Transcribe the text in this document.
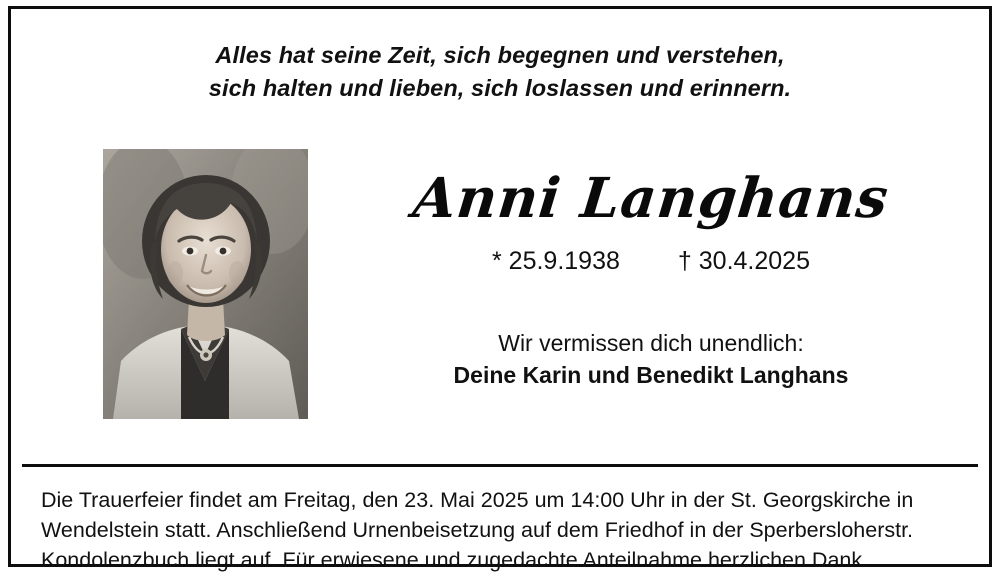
Alles hat seine Zeit, sich begegnen und verstehen,
sich halten und lieben, sich loslassen und erinnern.
Anni Langhans
* 25.9.1938 † 30.4.2025
Wir vermissen dich unendlich:
Deine Karin und Benedikt Langhans
Die Trauerfeier findet am Freitag, den 23. Mai 2025 um 14:00 Uhr in der St. Georgskirche in
Wendelstein statt. Anschließend Urnenbeisetzung auf dem Friedhof in der Sperbersloherstr.
Kondolenzbuch liegt auf. Für erwiesene und zugedachte Anteilnahme herzlichen Dank.
